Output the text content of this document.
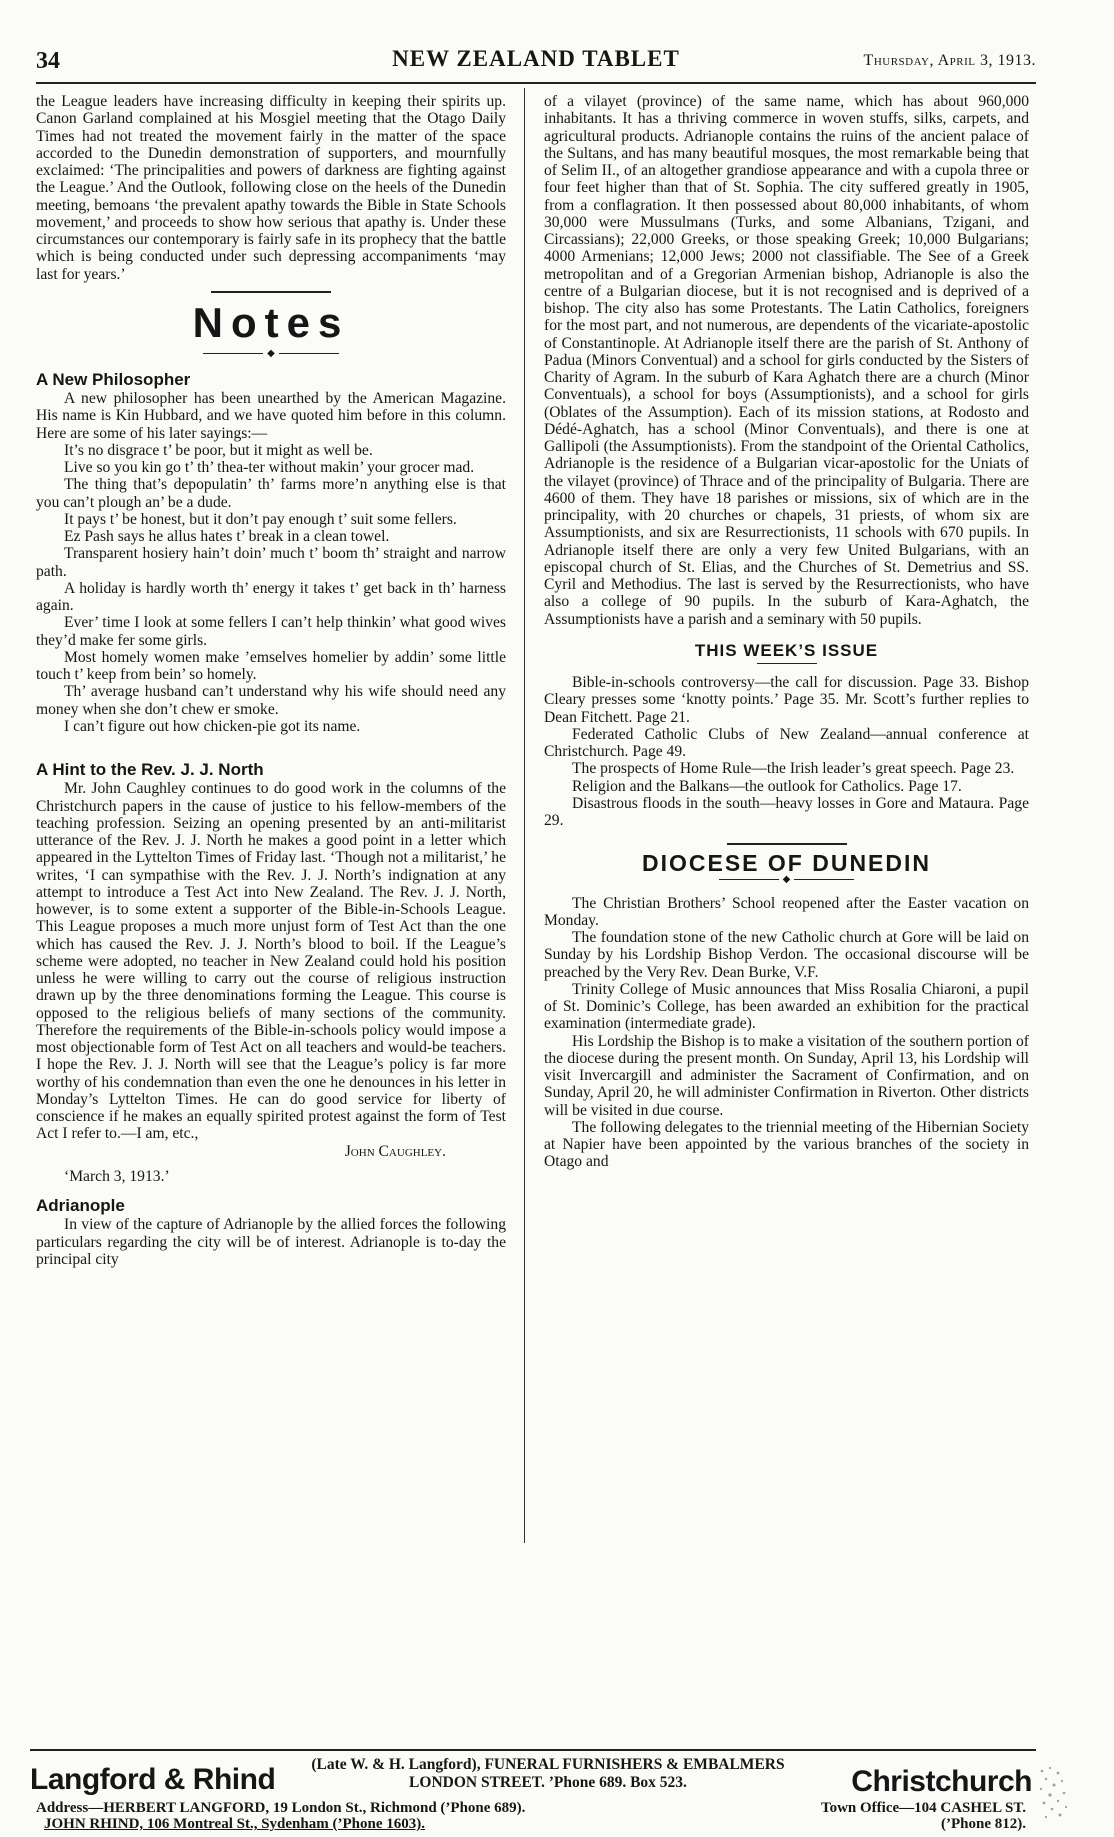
34	NEW ZEALAND TABLET	Thursday, April 3, 1913.

the League leaders have increasing difficulty in keeping their spirits up. Canon Garland complained at his Mosgiel meeting that the Otago Daily Times had not treated the movement fairly in the matter of the space accorded to the Dunedin demonstration of supporters, and mournfully exclaimed: ‘The principalities and powers of darkness are fighting against the League.’ And the Outlook, following close on the heels of the Dunedin meeting, bemoans ‘the prevalent apathy towards the Bible in State Schools movement,’ and proceeds to show how serious that apathy is. Under these circumstances our contemporary is fairly safe in its prophecy that the battle which is being conducted under such depressing accompaniments ‘may last for years.’

Notes
◆
A New Philosopher

A new philosopher has been unearthed by the American Magazine. His name is Kin Hubbard, and we have quoted him before in this column. Here are some of his later sayings:—

It’s no disgrace t’ be poor, but it might as well be.

Live so you kin go t’ th’ thea-ter without makin’ your grocer mad.

The thing that’s depopulatin’ th’ farms more’n anything else is that you can’t plough an’ be a dude.

It pays t’ be honest, but it don’t pay enough t’ suit some fellers.

Ez Pash says he allus hates t’ break in a clean towel.

Transparent hosiery hain’t doin’ much t’ boom th’ straight and narrow path.

A holiday is hardly worth th’ energy it takes t’ get back in th’ harness again.

Ever’ time I look at some fellers I can’t help thinkin’ what good wives they’d make fer some girls.

Most homely women make ’emselves homelier by addin’ some little touch t’ keep from bein’ so homely.

Th’ average husband can’t understand why his wife should need any money when she don’t chew er smoke.

I can’t figure out how chicken-pie got its name.

A Hint to the Rev. J. J. North

Mr. John Caughley continues to do good work in the columns of the Christchurch papers in the cause of justice to his fellow-members of the teaching profession. Seizing an opening presented by an anti-militarist utterance of the Rev. J. J. North he makes a good point in a letter which appeared in the Lyttelton Times of Friday last. ‘Though not a militarist,’ he writes, ‘I can sympathise with the Rev. J. J. North’s indignation at any attempt to introduce a Test Act into New Zealand. The Rev. J. J. North, however, is to some extent a supporter of the Bible-in-Schools League. This League proposes a much more unjust form of Test Act than the one which has caused the Rev. J. J. North’s blood to boil. If the League’s scheme were adopted, no teacher in New Zealand could hold his position unless he were willing to carry out the course of religious instruction drawn up by the three denominations forming the League. This course is opposed to the religious beliefs of many sections of the community. Therefore the requirements of the Bible-in-schools policy would impose a most objectionable form of Test Act on all teachers and would-be teachers. I hope the Rev. J. J. North will see that the League’s policy is far more worthy of his condemnation than even the one he denounces in his letter in Monday’s Lyttelton Times. He can do good service for liberty of conscience if he makes an equally spirited protest against the form of Test Act I refer to.—I am, etc.,

John Caughley.

‘March 3, 1913.’

Adrianople

In view of the capture of Adrianople by the allied forces the following particulars regarding the city will be of interest. Adrianople is to-day the principal city

of a vilayet (province) of the same name, which has about 960,000 inhabitants. It has a thriving commerce in woven stuffs, silks, carpets, and agricultural products. Adrianople contains the ruins of the ancient palace of the Sultans, and has many beautiful mosques, the most remarkable being that of Selim II., of an altogether grandiose appearance and with a cupola three or four feet higher than that of St. Sophia. The city suffered greatly in 1905, from a conflagration. It then possessed about 80,000 inhabitants, of whom 30,000 were Mussulmans (Turks, and some Albanians, Tzigani, and Circassians); 22,000 Greeks, or those speaking Greek; 10,000 Bulgarians; 4000 Armenians; 12,000 Jews; 2000 not classifiable. The See of a Greek metropolitan and of a Gregorian Armenian bishop, Adrianople is also the centre of a Bulgarian diocese, but it is not recognised and is deprived of a bishop. The city also has some Protestants. The Latin Catholics, foreigners for the most part, and not numerous, are dependents of the vicariate-apostolic of Constantinople. At Adrianople itself there are the parish of St. Anthony of Padua (Minors Conventual) and a school for girls conducted by the Sisters of Charity of Agram. In the suburb of Kara Aghatch there are a church (Minor Conventuals), a school for boys (Assumptionists), and a school for girls (Oblates of the Assumption). Each of its mission stations, at Rodosto and Dédé-Aghatch, has a school (Minor Conventuals), and there is one at Gallipoli (the Assumptionists). From the standpoint of the Oriental Catholics, Adrianople is the residence of a Bulgarian vicar-apostolic for the Uniats of the vilayet (province) of Thrace and of the principality of Bulgaria. There are 4600 of them. They have 18 parishes or missions, six of which are in the principality, with 20 churches or chapels, 31 priests, of whom six are Assumptionists, and six are Resurrectionists, 11 schools with 670 pupils. In Adrianople itself there are only a very few United Bulgarians, with an episcopal church of St. Elias, and the Churches of St. Demetrius and SS. Cyril and Methodius. The last is served by the Resurrectionists, who have also a college of 90 pupils. In the suburb of Kara-Aghatch, the Assumptionists have a parish and a seminary with 50 pupils.

THIS WEEK’S ISSUE

Bible-in-schools controversy—the call for discussion. Page 33. Bishop Cleary presses some ‘knotty points.’ Page 35. Mr. Scott’s further replies to Dean Fitchett. Page 21.

Federated Catholic Clubs of New Zealand—annual conference at Christchurch. Page 49.

The prospects of Home Rule—the Irish leader’s great speech. Page 23.

Religion and the Balkans—the outlook for Catholics. Page 17.

Disastrous floods in the south—heavy losses in Gore and Mataura. Page 29.

DIOCESE OF DUNEDIN
◆

The Christian Brothers’ School reopened after the Easter vacation on Monday.

The foundation stone of the new Catholic church at Gore will be laid on Sunday by his Lordship Bishop Verdon. The occasional discourse will be preached by the Very Rev. Dean Burke, V.F.

Trinity College of Music announces that Miss Rosalia Chiaroni, a pupil of St. Dominic’s College, has been awarded an exhibition for the practical examination (intermediate grade).

His Lordship the Bishop is to make a visitation of the southern portion of the diocese during the present month. On Sunday, April 13, his Lordship will visit Invercargill and administer the Sacrament of Confirmation, and on Sunday, April 20, he will administer Confirmation in Riverton. Other districts will be visited in due course.

The following delegates to the triennial meeting of the Hibernian Society at Napier have been appointed by the various branches of the society in Otago and

Langford & Rhind	(Late W. & H. Langford), FUNERAL FURNISHERS & EMBALMERS
LONDON STREET. ’Phone 689. Box 523.	Christchurch
Address—HERBERT LANGFORD, 19 London St., Richmond (’Phone 689).
JOHN RHIND, 106 Montreal St., Sydenham (’Phone 1603).
Town Office—104 CASHEL ST.
(’Phone 812).
